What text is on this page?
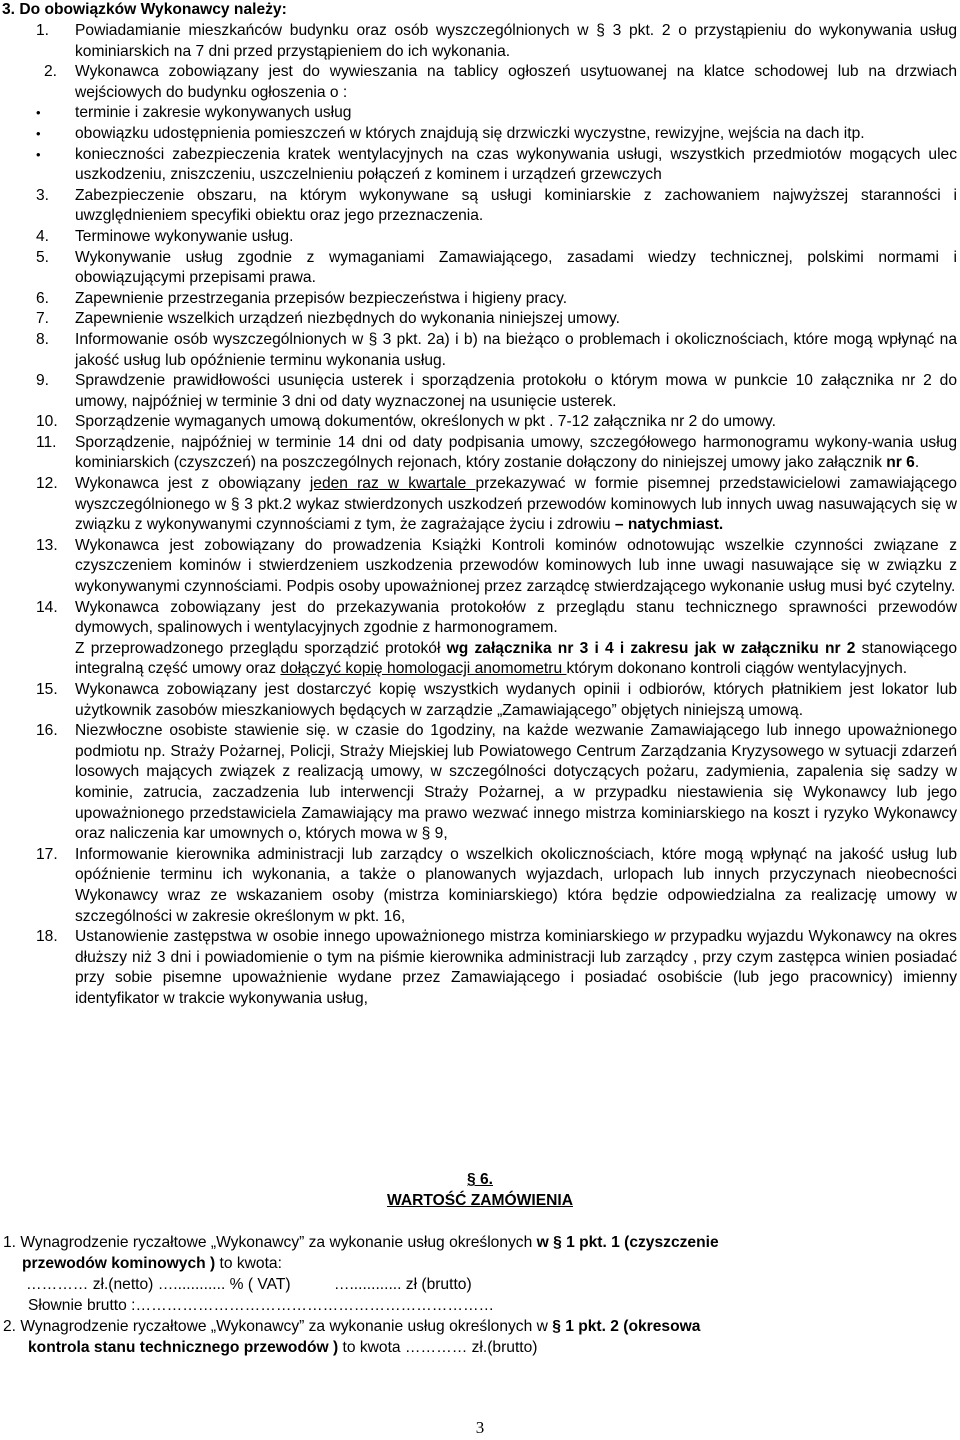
3. Do obowiązków Wykonawcy należy:
1. Powiadamianie mieszkańców budynku oraz osób wyszczególnionych w § 3 pkt. 2 o przystąpieniu do wykonywania usług kominiarskich na 7 dni przed przystąpieniem do ich wykonania.
2. Wykonawca zobowiązany jest do wywieszania na tablicy ogłoszeń usytuowanej na klatce schodowej lub na drzwiach wejściowych do budynku ogłoszenia o :
• terminie i zakresie wykonywanych usług
• obowiązku udostępnienia pomieszczeń w których znajdują się drzwiczki wyczystne, rewizyjne, wejścia na dach itp.
• konieczności zabezpieczenia kratek wentylacyjnych na czas wykonywania usługi, wszystkich przedmiotów mogących ulec uszkodzeniu, zniszczeniu, uszczelnieniu połączeń z kominem i urządzeń grzewczych
3. Zabezpieczenie obszaru, na którym wykonywane są usługi kominiarskie z zachowaniem najwyższej staranności i uwzględnieniem specyfiki obiektu oraz jego przeznaczenia.
4. Terminowe wykonywanie usług.
5. Wykonywanie usług zgodnie z wymaganiami Zamawiającego, zasadami wiedzy technicznej, polskimi normami i obowiązującymi przepisami prawa.
6. Zapewnienie przestrzegania przepisów bezpieczeństwa i higieny pracy.
7. Zapewnienie wszelkich urządzeń niezbędnych do wykonania niniejszej umowy.
8. Informowanie osób wyszczególnionych w § 3 pkt. 2a) i b) na bieżąco o problemach i okolicznościach, które mogą wpłynąć na jakość usług lub opóźnienie terminu wykonania usług.
9. Sprawdzenie prawidłowości usunięcia usterek i sporządzenia protokołu o którym mowa w punkcie 10 załącznika nr 2 do umowy, najpóźniej w terminie 3 dni od daty wyznaczonej na usunięcie usterek.
10. Sporządzenie wymaganych umową dokumentów, określonych w pkt . 7-12 załącznika nr 2 do umowy.
11. Sporządzenie, najpóźniej w terminie 14 dni od daty podpisania umowy, szczegółowego harmonogramu wykony-wania usług kominiarskich (czyszczeń) na poszczególnych rejonach, który zostanie dołączony do niniejszej umowy jako załącznik nr 6.
12. Wykonawca jest z obowiązany jeden raz w kwartale przekazywać w formie pisemnej przedstawicielowi zamawiającego wyszczególnionego w § 3 pkt.2 wykaz stwierdzonych uszkodzeń przewodów kominowych lub innych uwag nasuwających się w związku z wykonywanymi czynnościami z tym, że zagrażające życiu i zdrowiu – natychmiast.
13. Wykonawca jest zobowiązany do prowadzenia Książki Kontroli kominów odnotowując wszelkie czynności związane z czyszczeniem kominów i stwierdzeniem uszkodzenia przewodów kominowych lub inne uwagi nasuwające się w związku z wykonywanymi czynnościami. Podpis osoby upoważnionej przez zarządcę stwierdzającego wykonanie usług musi być czytelny.
14. Wykonawca zobowiązany jest do przekazywania protokołów z przeglądu stanu technicznego sprawności przewodów dymowych, spalinowych i wentylacyjnych zgodnie z harmonogramem.
Z przeprowadzonego przeglądu sporządzić protokół wg załącznika nr 3 i 4 i zakresu jak w załączniku nr 2 stanowiącego integralną część umowy oraz dołączyć kopię homologacji anomometru którym dokonano kontroli ciągów wentylacyjnych.
15. Wykonawca zobowiązany jest dostarczyć kopię wszystkich wydanych opinii i odbiorów, których płatnikiem jest lokator lub użytkownik zasobów mieszkaniowych będących w zarządzie „Zamawiającego” objętych niniejszą umową.
16. Niezwłoczne osobiste stawienie się. w czasie do 1godziny, na każde wezwanie Zamawiającego lub innego upoważnionego podmiotu np. Straży Pożarnej, Policji, Straży Miejskiej lub Powiatowego Centrum Zarządzania Kryzysowego w sytuacji zdarzeń losowych mających związek z realizacją umowy, w szczególności dotyczących pożaru, zadymienia, zapalenia się sadzy w kominie, zatrucia, zaczadzenia lub interwencji Straży Pożarnej, a w przypadku niestawienia się Wykonawcy lub jego upoważnionego przedstawiciela Zamawiający ma prawo wezwać innego mistrza kominiarskiego na koszt i ryzyko Wykonawcy oraz naliczenia kar umownych o, których mowa w § 9,
17. Informowanie kierownika administracji lub zarządcy o wszelkich okolicznościach, które mogą wpłynąć na jakość usług lub opóźnienie terminu ich wykonania, a także o planowanych wyjazdach, urlopach lub innych przyczynach nieobecności Wykonawcy wraz ze wskazaniem osoby (mistrza kominiarskiego) która będzie odpowiedzialna za realizację umowy w szczególności w zakresie określonym w pkt. 16,
18. Ustanowienie zastępstwa w osobie innego upoważnionego mistrza kominiarskiego w przypadku wyjazdu Wykonawcy na okres dłuższy niż 3 dni i powiadomienie o tym na piśmie kierownika administracji lub zarządcy , przy czym zastępca winien posiadać przy sobie pisemne upoważnienie wydane przez Zamawiającego i posiadać osobiście (lub jego pracownicy) imienny identyfikator w trakcie wykonywania usług,
§ 6.
WARTOŚĆ ZAMÓWIENIA
1. Wynagrodzenie ryczałtowe „Wykonawcy” za wykonanie usług określonych w § 1 pkt. 1 (czyszczenie
przewodów kominowych ) to kwota:
………… zł.(netto) …............ % ( VAT)          …............ zł (brutto)
Słownie brutto :……………………………………………………………
2. Wynagrodzenie ryczałtowe „Wykonawcy” za wykonanie usług określonych w § 1 pkt. 2 (okresowa
kontrola stanu technicznego przewodów ) to kwota ………… zł.(brutto)
3
